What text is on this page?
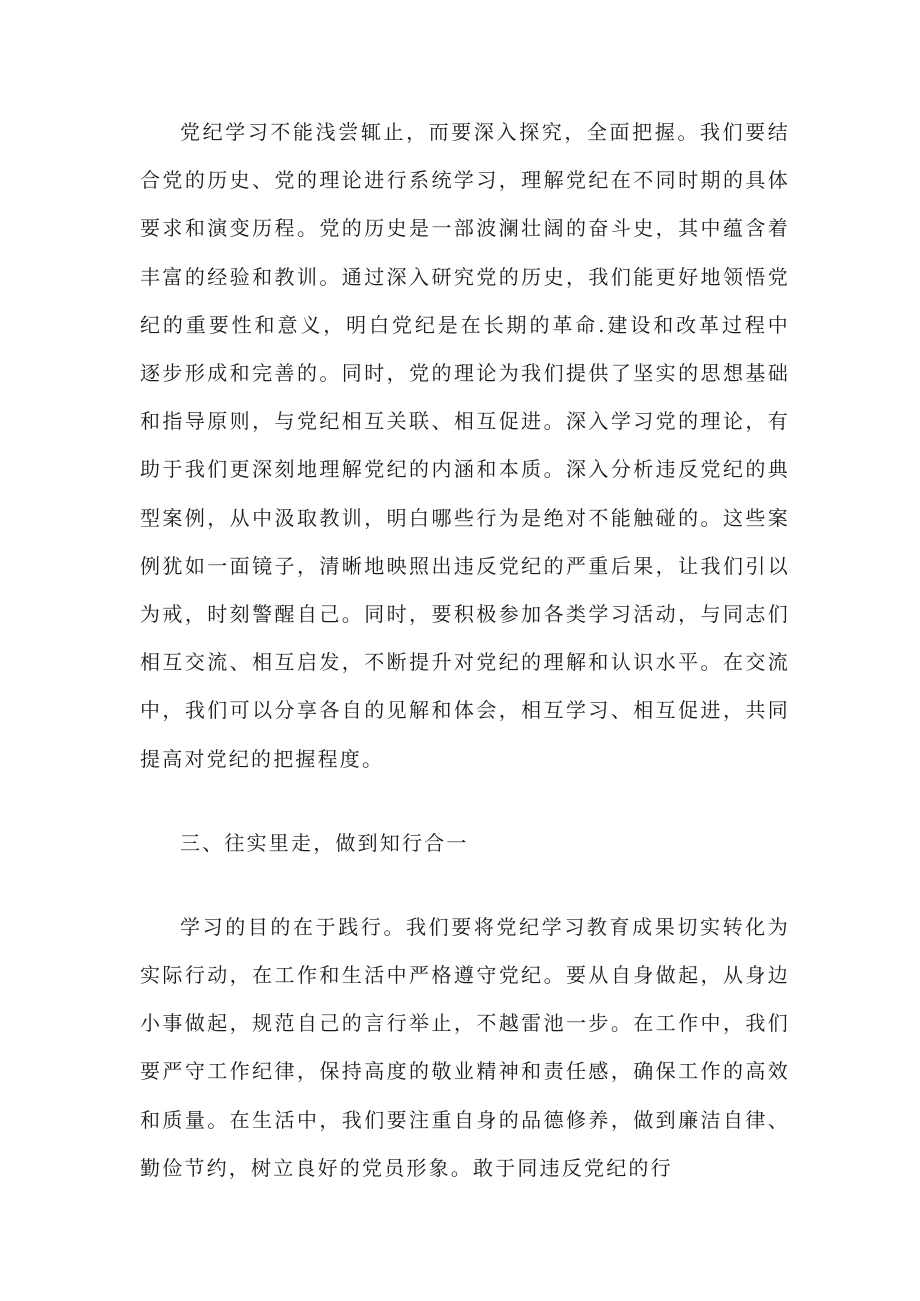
党纪学习不能浅尝辄止，而要深入探究，全面把握。我们要结合党的历史、党的理论进行系统学习，理解党纪在不同时期的具体要求和演变历程。党的历史是一部波澜壮阔的奋斗史，其中蕴含着丰富的经验和教训。通过深入研究党的历史，我们能更好地领悟党纪的重要性和意义，明白党纪是在长期的革命.建设和改革过程中逐步形成和完善的。同时，党的理论为我们提供了坚实的思想基础和指导原则，与党纪相互关联、相互促进。深入学习党的理论，有助于我们更深刻地理解党纪的内涵和本质。深入分析违反党纪的典型案例，从中汲取教训，明白哪些行为是绝对不能触碰的。这些案例犹如一面镜子，清晰地映照出违反党纪的严重后果，让我们引以为戒，时刻警醒自己。同时，要积极参加各类学习活动，与同志们相互交流、相互启发，不断提升对党纪的理解和认识水平。在交流中，我们可以分享各自的见解和体会，相互学习、相互促进，共同提高对党纪的把握程度。

三、往实里走，做到知行合一

学习的目的在于践行。我们要将党纪学习教育成果切实转化为实际行动，在工作和生活中严格遵守党纪。要从自身做起，从身边小事做起，规范自己的言行举止，不越雷池一步。在工作中，我们要严守工作纪律，保持高度的敬业精神和责任感，确保工作的高效和质量。在生活中，我们要注重自身的品德修养，做到廉洁自律、勤俭节约，树立良好的党员形象。敢于同违反党纪的行
